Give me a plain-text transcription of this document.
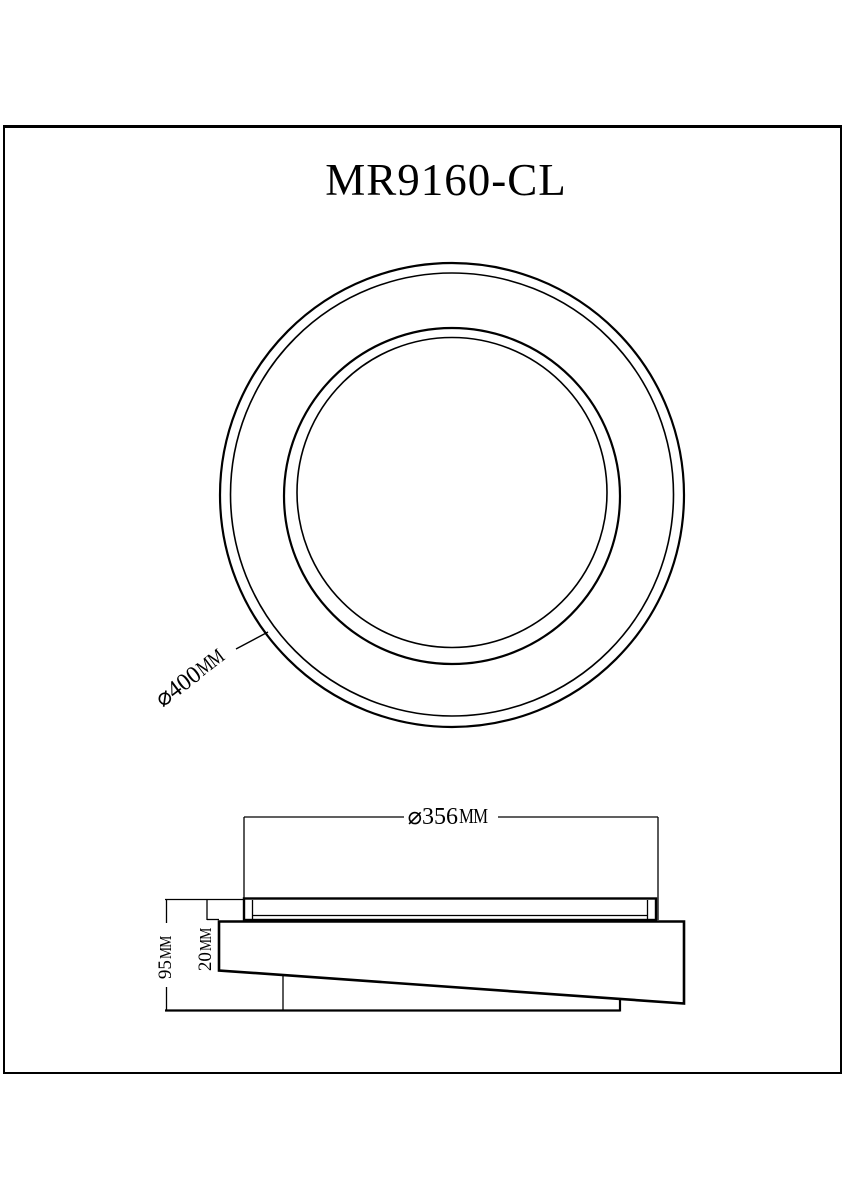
MR9160-CL
⌀400
MM
⌀356 MM
95
MM
20
MM
